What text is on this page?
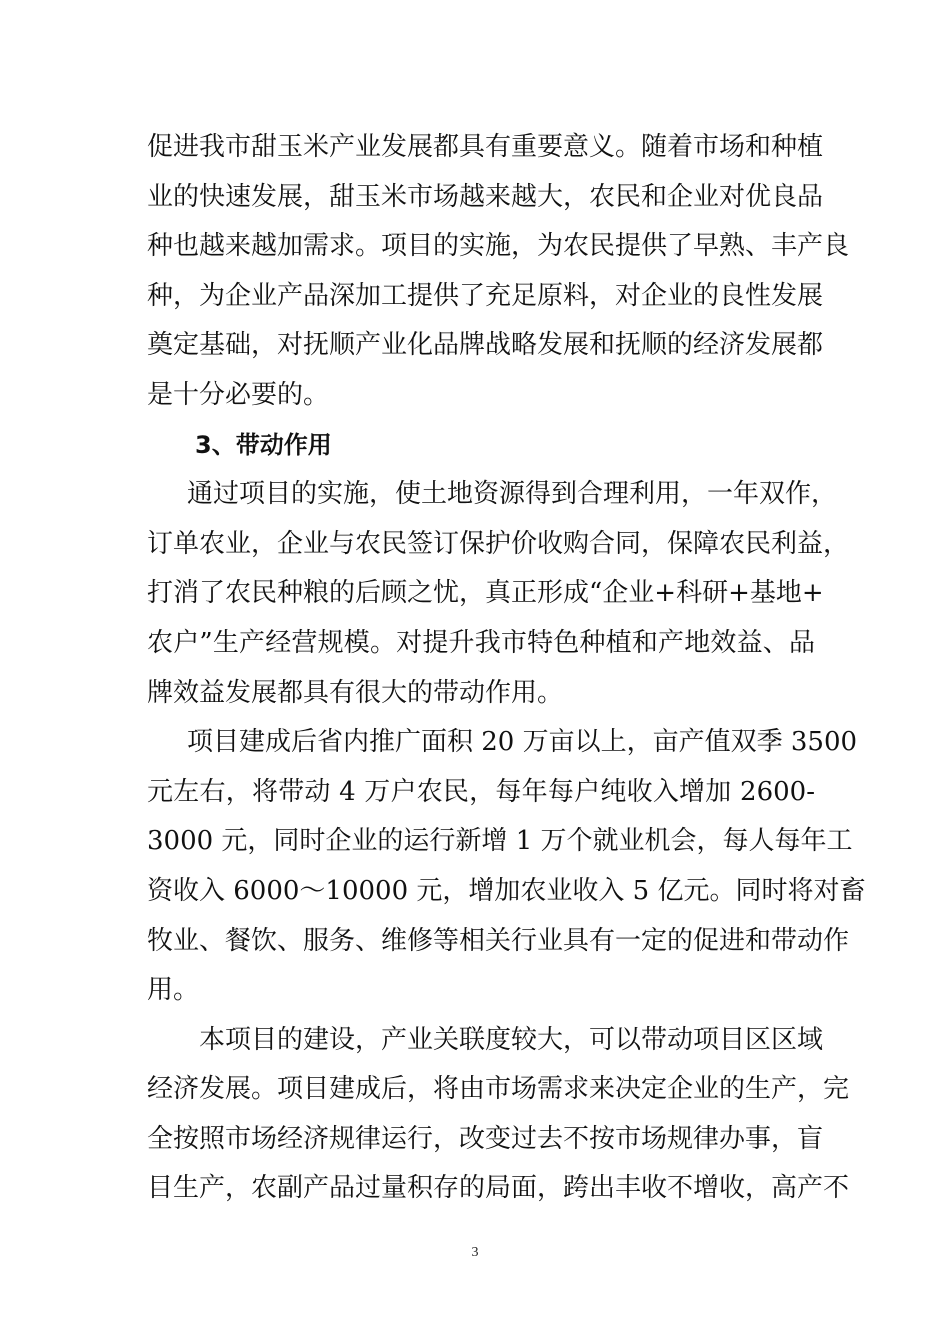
促进我市甜玉米产业发展都具有重要意义。随着市场和种植
业的快速发展，甜玉米市场越来越大，农民和企业对优良品
种也越来越加需求。项目的实施，为农民提供了早熟、丰产良
种，为企业产品深加工提供了充足原料，对企业的良性发展
奠定基础，对抚顺产业化品牌战略发展和抚顺的经济发展都
是十分必要的。
3、带动作用
通过项目的实施，使土地资源得到合理利用，一年双作，
订单农业，企业与农民签订保护价收购合同，保障农民利益，
打消了农民种粮的后顾之忧，真正形成“企业+科研+基地+
农户”生产经营规模。对提升我市特色种植和产地效益、品
牌效益发展都具有很大的带动作用。
项目建成后省内推广面积 20 万亩以上，亩产值双季 3500
元左右，将带动 4 万户农民，每年每户纯收入增加 2600-
3000 元，同时企业的运行新增 1 万个就业机会，每人每年工
资收入 6000～10000 元，增加农业收入 5 亿元。同时将对畜
牧业、餐饮、服务、维修等相关行业具有一定的促进和带动作
用。
本项目的建设，产业关联度较大，可以带动项目区区域
经济发展。项目建成后，将由市场需求来决定企业的生产，完
全按照市场经济规律运行，改变过去不按市场规律办事，盲
目生产，农副产品过量积存的局面，跨出丰收不增收，高产不
3
